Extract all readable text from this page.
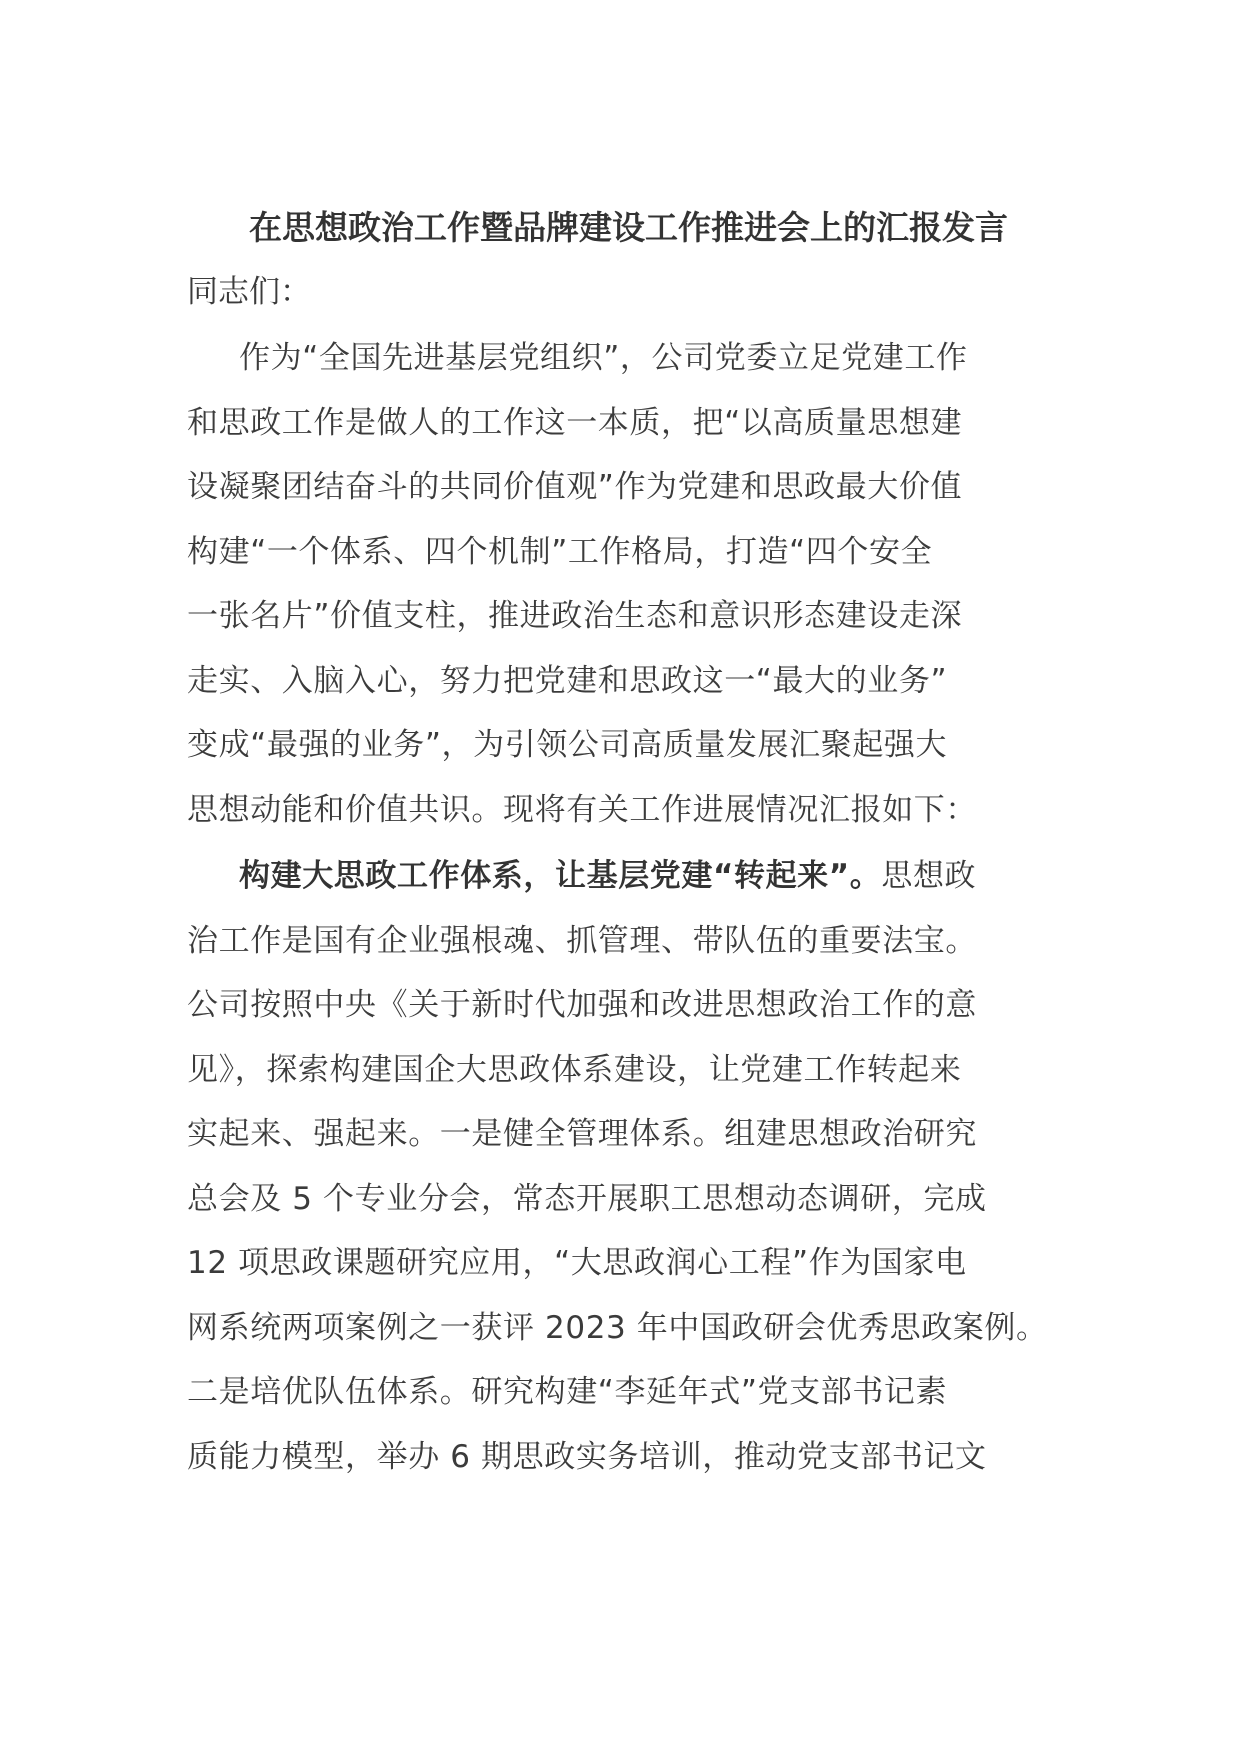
在思想政治工作暨品牌建设工作推进会上的汇报发言
同志们：

作为“全国先进基层党组织”，公司党委立足党建工作
和思政工作是做人的工作这一本质，把“以高质量思想建
设凝聚团结奋斗的共同价值观”作为党建和思政最大价值
构建“一个体系、四个机制”工作格局，打造“四个安全
一张名片”价值支柱，推进政治生态和意识形态建设走深
走实、入脑入心，努力把党建和思政这一“最大的业务”
变成“最强的业务”，为引领公司高质量发展汇聚起强大
思想动能和价值共识。现将有关工作进展情况汇报如下：

构建大思政工作体系，让基层党建“转起来”。思想政
治工作是国有企业强根魂、抓管理、带队伍的重要法宝。
公司按照中央《关于新时代加强和改进思想政治工作的意
见》，探索构建国企大思政体系建设，让党建工作转起来
实起来、强起来。一是健全管理体系。组建思想政治研究
总会及 5 个专业分会，常态开展职工思想动态调研，完成
12 项思政课题研究应用，“大思政润心工程”作为国家电
网系统两项案例之一获评 2023 年中国政研会优秀思政案例。
二是培优队伍体系。研究构建“李延年式”党支部书记素
质能力模型，举办 6 期思政实务培训，推动党支部书记文
